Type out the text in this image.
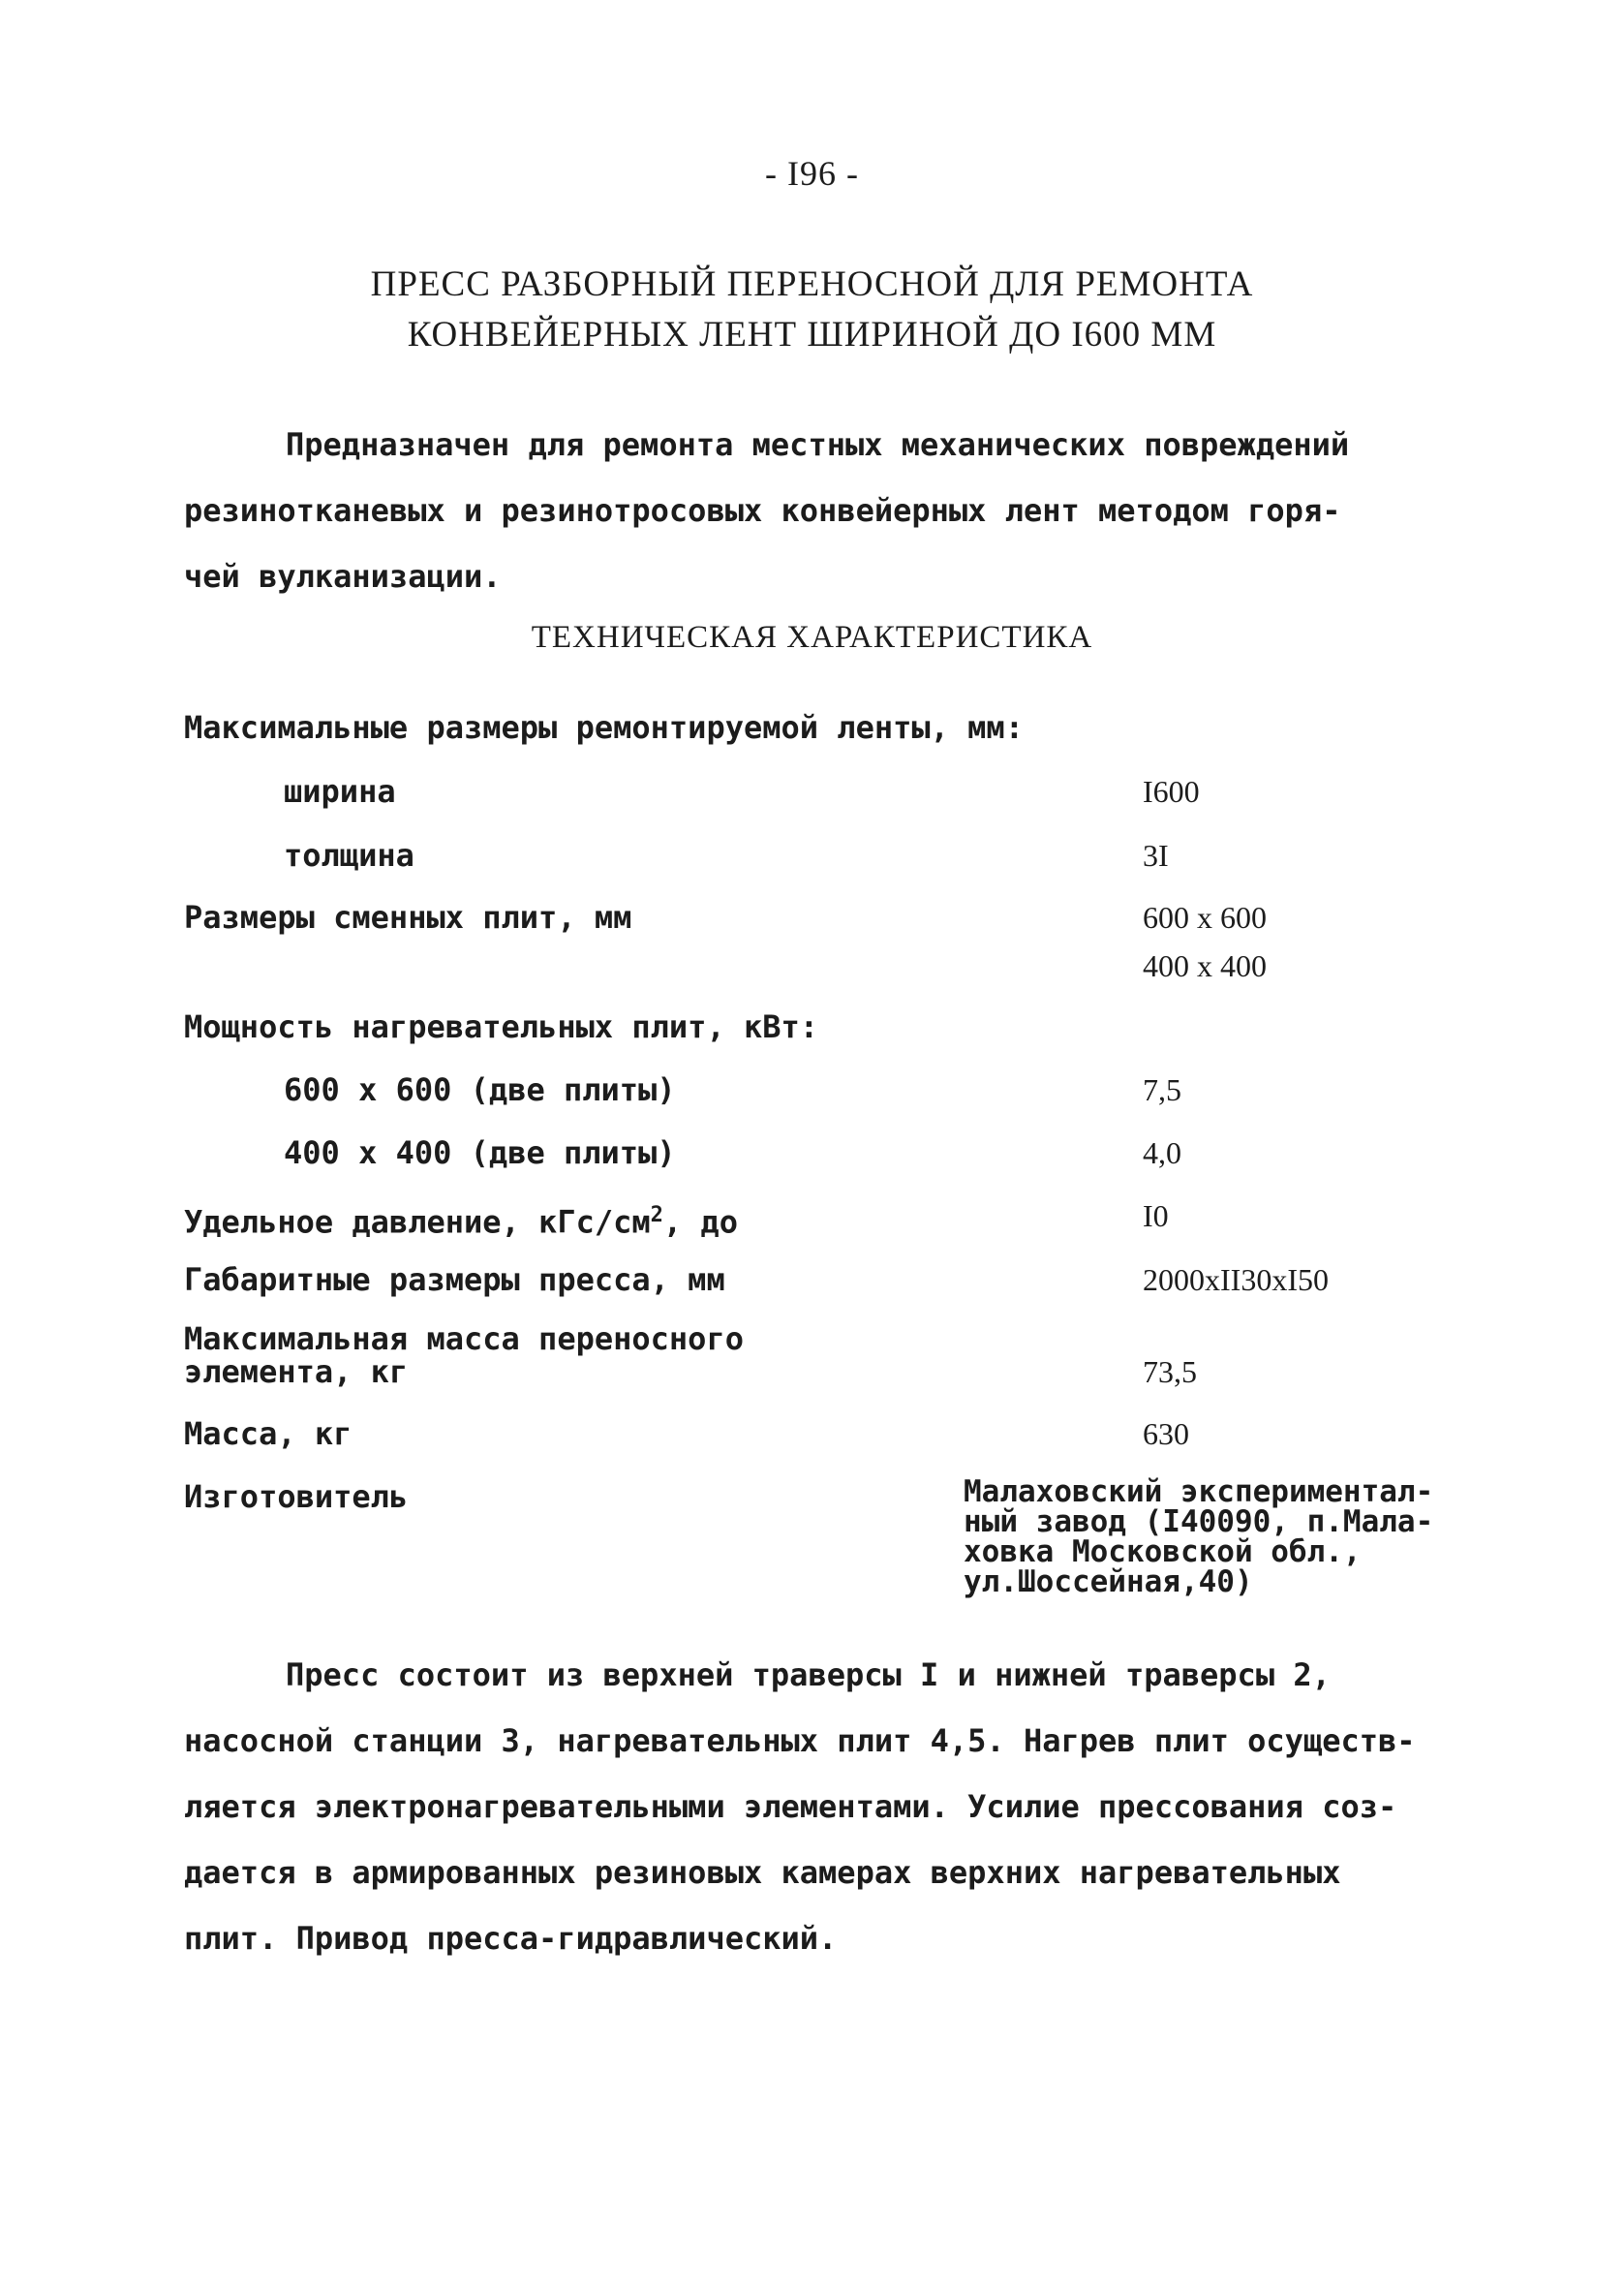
- I96 -
ПРЕСС РАЗБОРНЫЙ ПЕРЕНОСНОЙ ДЛЯ РЕМОНТА
КОНВЕЙЕРНЫХ ЛЕНТ ШИРИНОЙ ДО I600 ММ
Предназначен для ремонта местных механических повреждений
резинотканевых и резинотросовых конвейерных лент методом горя-
чей вулканизации.
ТЕХНИЧЕСКАЯ ХАРАКТЕРИСТИКА
Максимальные размеры ремонтируемой ленты, мм:
ширина	I600
толщина	3I
Размеры сменных плит, мм	600 х 600
400 х 400
Мощность нагревательных плит, кВт:
600 х 600 (две плиты)	7,5
400 х 400 (две плиты)	4,0
Удельное давление, кГс/$см^2$, до	I0
Габаритные размеры пресса, мм	2000хII30хI50
Максимальная масса переносного
элемента, кг	73,5
Масса, кг	630
Изготовитель	Малаховский экспериментал-
ный завод (I40090, п.Мала-
ховка Московской обл.,
ул.Шоссейная,40)
Пресс состоит из верхней траверсы I и нижней траверсы 2,
насосной станции 3, нагревательных плит 4,5. Нагрев плит осуществ-
ляется электронагревательными элементами. Усилие прессования соз-
дается в армированных резиновых камерах верхних нагревательных
плит. Привод пресса-гидравлический.
